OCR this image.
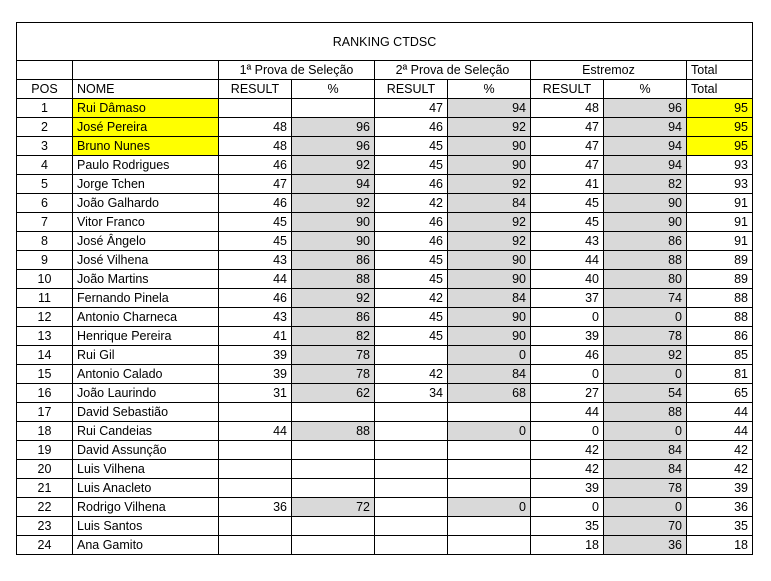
RANKING CTDSC								
		1ª Prova de Seleção		2ª Prova de Seleção		Estremoz		Total
POS	NOME	RESULT	%	RESULT	%	RESULT	%	Total
1	Rui Dâmaso			47	94	48	96	95
2	José Pereira	48	96	46	92	47	94	95
3	Bruno Nunes	48	96	45	90	47	94	95
4	Paulo Rodrigues	46	92	45	90	47	94	93
5	Jorge Tchen	47	94	46	92	41	82	93
6	João Galhardo	46	92	42	84	45	90	91
7	Vitor Franco	45	90	46	92	45	90	91
8	José Ângelo	45	90	46	92	43	86	91
9	José Vilhena	43	86	45	90	44	88	89
10	João Martins	44	88	45	90	40	80	89
11	Fernando Pinela	46	92	42	84	37	74	88
12	Antonio Charneca	43	86	45	90	0	0	88
13	Henrique Pereira	41	82	45	90	39	78	86
14	Rui Gil	39	78		0	46	92	85
15	Antonio Calado	39	78	42	84	0	0	81
16	João Laurindo	31	62	34	68	27	54	65
17	David Sebastião					44	88	44
18	Rui Candeias	44	88		0	0	0	44
19	David Assunção					42	84	42
20	Luis Vilhena					42	84	42
21	Luis Anacleto					39	78	39
22	Rodrigo Vilhena	36	72		0	0	0	36
23	Luis Santos					35	70	35
24	Ana Gamito					18	36	18
